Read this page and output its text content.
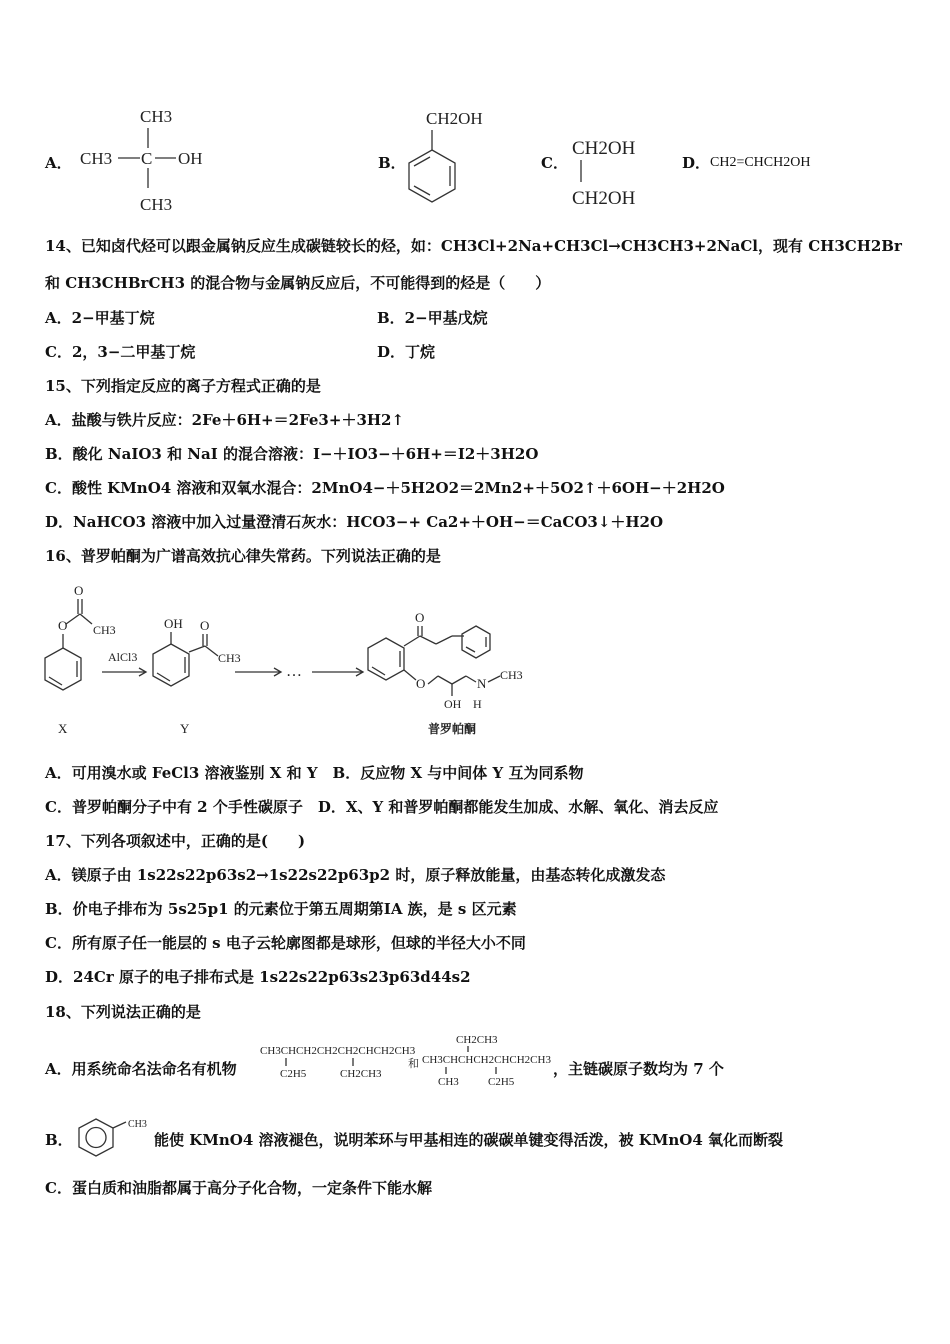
A．
CH3
CH3 C OH
CH3
B．
CH2OH
C．
CH2OH
CH2OH
D． CH2=CHCH2OH
14、已知卤代烃可以跟金属钠反应生成碳链较长的烃，如：CH3Cl+2Na+CH3Cl→CH3CH3+2NaCl，现有 CH3CH2Br
和 CH3CHBrCH3 的混合物与金属钠反应后，不可能得到的烃是（　　）
A．2−甲基丁烷	B．2−甲基戊烷
C．2，3−二甲基丁烷	D．丁烷
15、下列指定反应的离子方程式正确的是
A．盐酸与铁片反应：2Fe＋6H+＝2Fe3+＋3H2↑
B．酸化 NaIO3 和 NaI 的混合溶液：I−＋IO3−＋6H+＝I2＋3H2O
C．酸性 KMnO4 溶液和双氧水混合：2MnO4−＋5H2O2＝2Mn2+＋5O2↑＋6OH−＋2H2O
D．NaHCO3 溶液中加入过量澄清石灰水：HCO3−+ Ca2+＋OH−＝CaCO3↓＋H2O
16、普罗帕酮为广谱高效抗心律失常药。下列说法正确的是
O
CH3
O
AlCl3
OH O
CH3
…
O
O
OH
N
H
CH3
X	Y	普罗帕酮
A．可用溴水或 FeCl3 溶液鉴别 X 和 Y　B．反应物 X 与中间体 Y 互为同系物
C．普罗帕酮分子中有 2 个手性碳原子　D．X、Y 和普罗帕酮都能发生加成、水解、氧化、消去反应
17、下列各项叙述中，正确的是(　　)
A．镁原子由 1s22s22p63s2→1s22s22p63p2 时，原子释放能量，由基态转化成激发态
B．价电子排布为 5s25p1 的元素位于第五周期第ⅠA 族，是 s 区元素
C．所有原子任一能层的 s 电子云轮廓图都是球形，但球的半径大小不同
D．24Cr 原子的电子排布式是 1s22s22p63s23p63d44s2
18、下列说法正确的是
A．用系统命名法命名有机物
CH3CHCH2CH2CH2CHCH2CH3
C2H5	CH2CH3
和
CH2CH3
CH3CHCHCH2CHCH2CH3
CH3	C2H5
，主链碳原子数均为 7 个
B．
CH3
能使 KMnO4 溶液褪色，说明苯环与甲基相连的碳碳单键变得活泼，被 KMnO4 氧化而断裂
C．蛋白质和油脂都属于高分子化合物，一定条件下能水解
